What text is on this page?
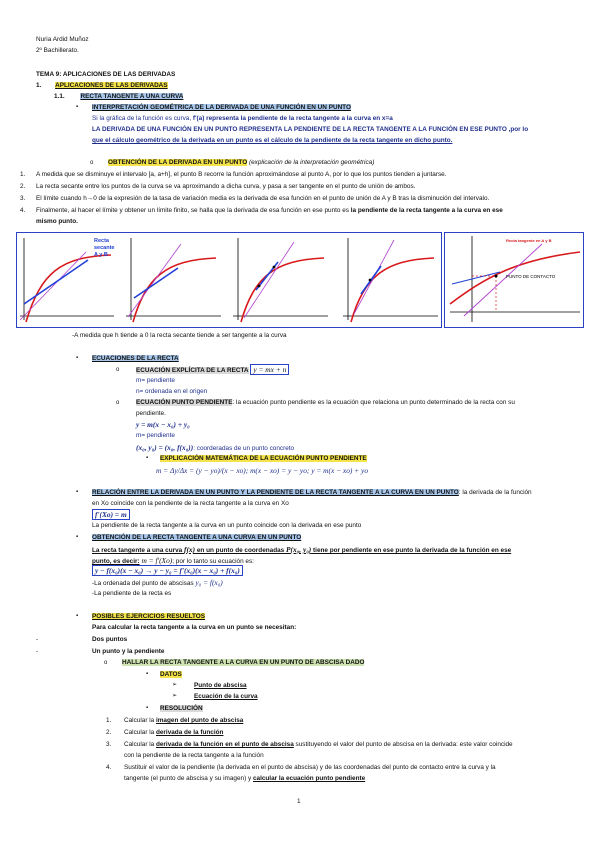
Nuria Ardid Muñoz
2º Bachillerato.
TEMA 9: APLICACIONES DE LAS DERIVADAS
1. APLICACIONES DE LAS DERIVADAS
1.1. RECTA TANGENTE A UNA CURVA
▪ INTERPRETACIÓN GEOMÉTRICA DE LA DERIVADA DE UNA FUNCIÓN EN UN PUNTO
Si la gráfica de la función es curva, f'(a) representa la pendiente de la recta tangente a la curva en x=a
LA DERIVADA DE UNA FUNCIÓN EN UN PUNTO REPRESENTA LA PENDIENTE DE LA RECTA TANGENTE A LA FUNCIÓN EN ESE PUNTO ,por lo
que el cálculo geométrico de la derivada en un punto es el cálculo de la pendiente de la recta tangente en dicho punto.
o OBTENCIÓN DE LA DERIVADA EN UN PUNTO (explicación de la interpretación geométrica)
1. A medida que se disminuye el intervalo [a, a+h], el punto B recorre la función aproximándose al punto A, por lo que los puntos tienden a juntarse.
2. La recta secante entre los puntos de la curva se va aproximando a dicha curva, y pasa a ser tangente en el punto de unión de ambos.
3. El límite cuando h→0 de la expresión de la tasa de variación media es la derivada de esa función en el punto de unión de A y B tras la disminución del intervalo.
4. Finalmente, al hacer el límite y obtener un límite finito, se halla que la derivada de esa función en ese punto es la pendiente de la recta tangente a la curva en ese
mismo punto.
Recta
secante
A y B
Recta tangente en A y B
PUNTO DE CONTACTO
-A medida que h tiende a 0 la recta secante tiende a ser tangente a la curva
▪ ECUACIONES DE LA RECTA
o	ECUACIÓN EXPLÍCITA DE LA RECTA y = mx + n
m= pendiente
n= ordenada en el origen
o	ECUACIÓN PUNTO PENDIENTE: la ecuación punto pendiente es la ecuación que relaciona un punto determinado de la recta con su
pendiente.
y = m(x − x₀) + y₀
m= pendiente
(x₀, y₀) = (x₀, f(x₀)): coorderadas de un punto concreto
▪ EXPLICACIÓN MATEMÁTICA DE LA ECUACIÓN PUNTO PENDIENTE
m = Δy/Δx = (y − yo)/(x − xo); m(x − xo) = y − yo; y = m(x − xo) + yo
▪ RELACIÓN ENTRE LA DERIVADA EN UN PUNTO Y LA PENDIENTE DE LA RECTA TANGENTE A LA CURVA EN UN PUNTO: la derivada de la función
en Xo coincide con la pendiente de la recta tangente a la curva en Xo
f'(Xo) = m
La pendiente de la recta tangente a la curva en un punto coincide con la derivada en ese punto
▪ OBTENCIÓN DE LA RECTA TANGENTE A UNA CURVA EN UN PUNTO
La recta tangente a una curva f(x) en un punto de coordenadas P(x₀, y₀) tiene por pendiente en ese punto la derivada de la función en ese
punto, es decir: m = f'(Xo); por lo tanto su ecuación es:
y − f(x₀)(x − x₀) → y − y₀ = f'(x₀)(x − x₀) + f(x₀)
-La ordenada del punto de abscisas y₀ = f(x₀)
-La pendiente de la recta es
▪ POSIBLES EJERCICIOS RESUELTOS
Para calcular la recta tangente a la curva en un punto se necesitan:
-	Dos puntos
-	Un punto y la pendiente
o HALLAR LA RECTA TANGENTE A LA CURVA EN UN PUNTO DE ABSCISA DADO
▪ DATOS
➢	Punto de abscisa
➢	Ecuación de la curva
▪ RESOLUCIÓN
1. Calcular la imagen del punto de abscisa
2. Calcular la derivada de la función
3. Calcular la derivada de la función en el punto de abscisa sustituyendo el valor del punto de abscisa en la derivada: este valor coincide
con la pendiente de la recta tangente a la función
4. Sustituir el valor de la pendiente (la derivada en el punto de abscisa) y de las coordenadas del punto de contacto entre la curva y la
tangente (el punto de abscisa y su imagen) y calcular la ecuación punto pendiente
1
